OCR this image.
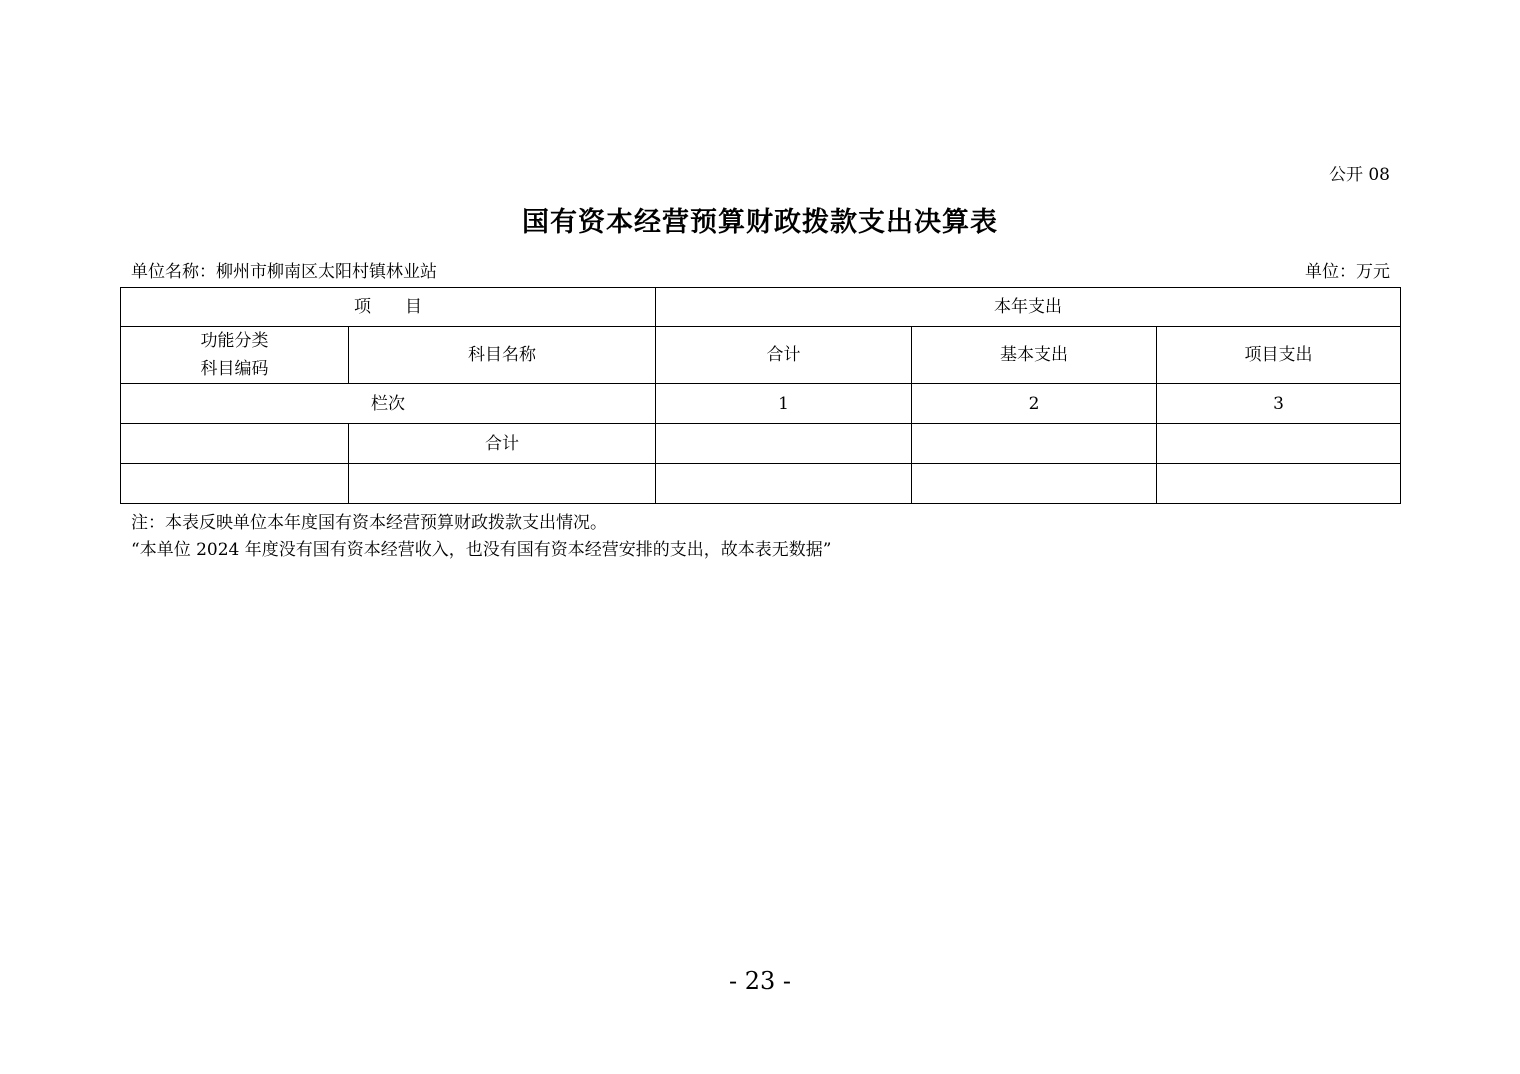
公开 08
国有资本经营预算财政拨款支出决算表
单位名称：柳州市柳南区太阳村镇林业站	单位：万元
项　　目		本年支出		

功能分类
科目编码	科目名称	合计	基本支出	项目支出
栏次		1	2	3
	合计			

注：本表反映单位本年度国有资本经营预算财政拨款支出情况。
“本单位 2024 年度没有国有资本经营收入，也没有国有资本经营安排的支出，故本表无数据”
- 23 -
